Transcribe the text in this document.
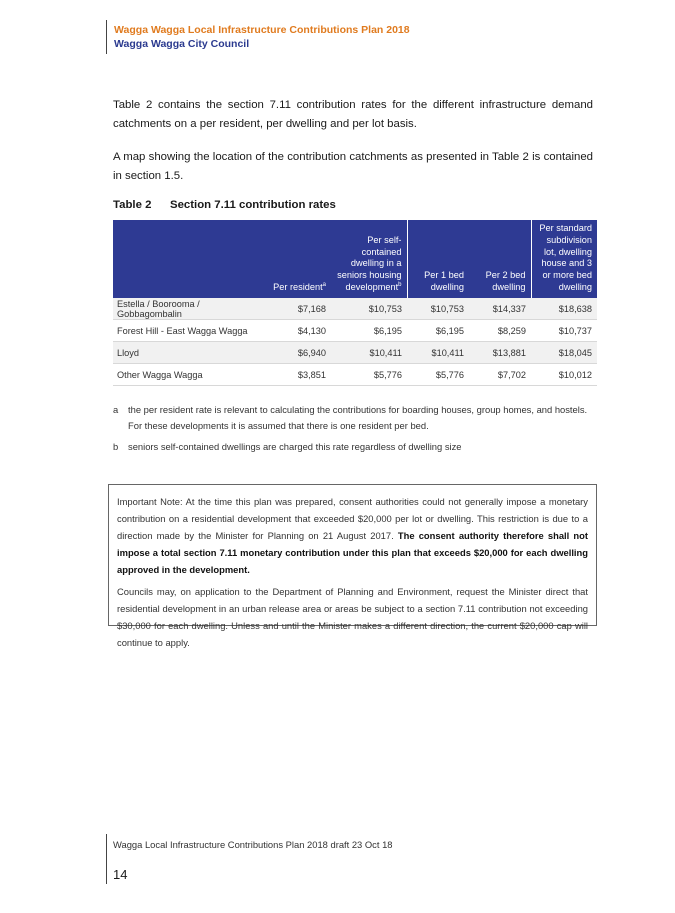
Wagga Wagga Local Infrastructure Contributions Plan 2018
Wagga Wagga City Council

Table 2 contains the section 7.11 contribution rates for the different infrastructure demand catchments on a per resident, per dwelling and per lot basis.

A map showing the location of the contribution catchments as presented in Table 2 is contained in section 1.5.

Table 2 Section 7.11 contribution rates
	Per resident$^a$	Per self-contained dwelling in a seniors housing development$^b$	Per 1 bed dwelling	Per 2 bed dwelling	Per standard subdivision lot, dwelling house and 3 or more bed dwelling
Estella / Boorooma / Gobbagombalin	$7,168	$10,753	$10,753	$14,337	$18,638
Forest Hill - East Wagga Wagga	$4,130	$6,195	$6,195	$8,259	$10,737
Lloyd	$6,940	$10,411	$10,411	$13,881	$18,045
Other Wagga Wagga	$3,851	$5,776	$5,776	$7,702	$10,012
a the per resident rate is relevant to calculating the contributions for boarding houses, group homes, and hostels. For these developments it is assumed that there is one resident per bed.
b seniors self-contained dwellings are charged this rate regardless of dwelling size

Important Note: At the time this plan was prepared, consent authorities could not generally impose a monetary contribution on a residential development that exceeded $20,000 per lot or dwelling. This restriction is due to a direction made by the Minister for Planning on 21 August 2017. The consent authority therefore shall not impose a total section 7.11 monetary contribution under this plan that exceeds $20,000 for each dwelling approved in the development.

Councils may, on application to the Department of Planning and Environment, request the Minister direct that residential development in an urban release area or areas be subject to a section 7.11 contribution not exceeding $30,000 for each dwelling. Unless and until the Minister makes a different direction, the current $20,000 cap will continue to apply.

Wagga Local Infrastructure Contributions Plan 2018 draft 23 Oct 18
14
